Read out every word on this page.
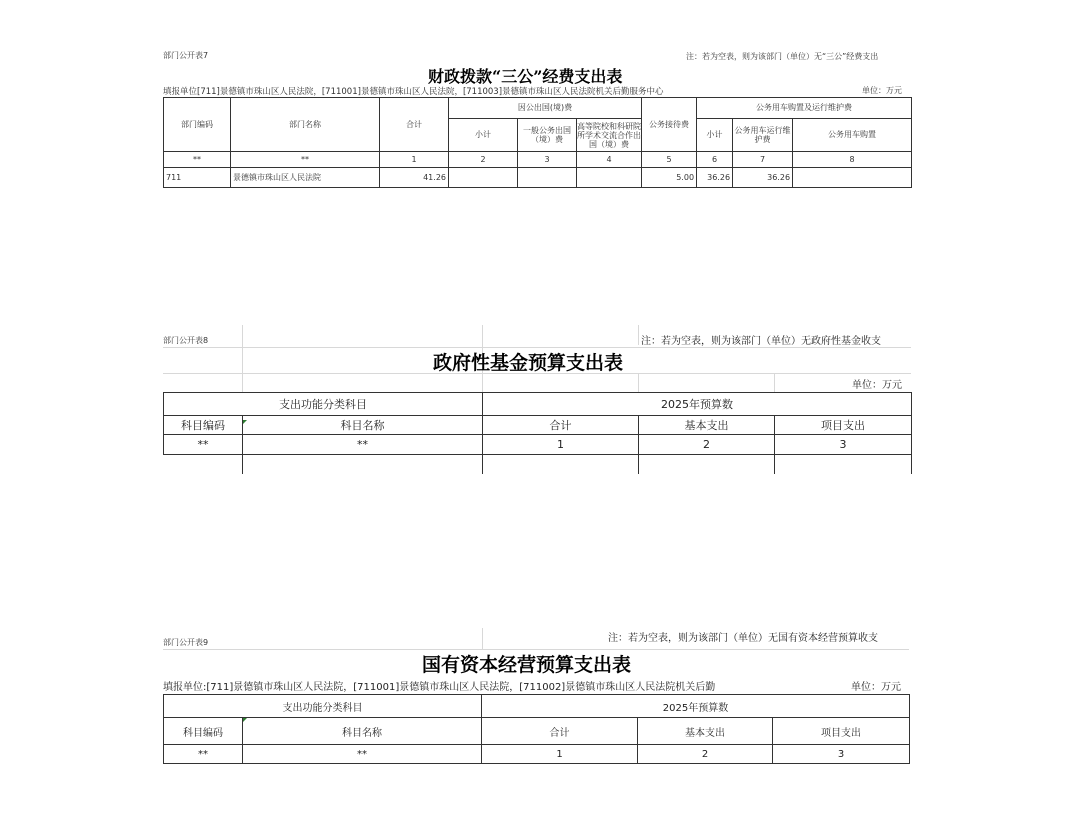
部门公开表7	注：若为空表，则为该部门（单位）无“三公”经费支出
财政拨款“三公”经费支出表
填报单位[711]景德镇市珠山区人民法院，[711001]景德镇市珠山区人民法院，[711003]景德镇市珠山区人民法院机关后勤服务中心	单位：万元
部门编码	部门名称	合计	因公出国(境)费			公务接待费	公务用车购置及运行维护费		
			小计	一般公务出国（境）费	高等院校和科研院所学术交流合作出国（境）费		小计	公务用车运行维护费	公务用车购置
**	**	1	2	3	4	5	6	7	8
711	景德镇市珠山区人民法院	41.26				5.00	36.26	36.26	
部门公开表8	注：若为空表，则为该部门（单位）无政府性基金收支
政府性基金预算支出表
单位：万元
支出功能分类科目		2025年预算数		
科目编码	科目名称	合计	基本支出	项目支出
**	**	1	2	3

部门公开表9	注：若为空表，则为该部门（单位）无国有资本经营预算收支
国有资本经营预算支出表
填报单位:[711]景德镇市珠山区人民法院，[711001]景德镇市珠山区人民法院，[711002]景德镇市珠山区人民法院机关后勤	单位：万元
支出功能分类科目		2025年预算数		
科目编码	科目名称	合计	基本支出	项目支出
**	**	1	2	3
